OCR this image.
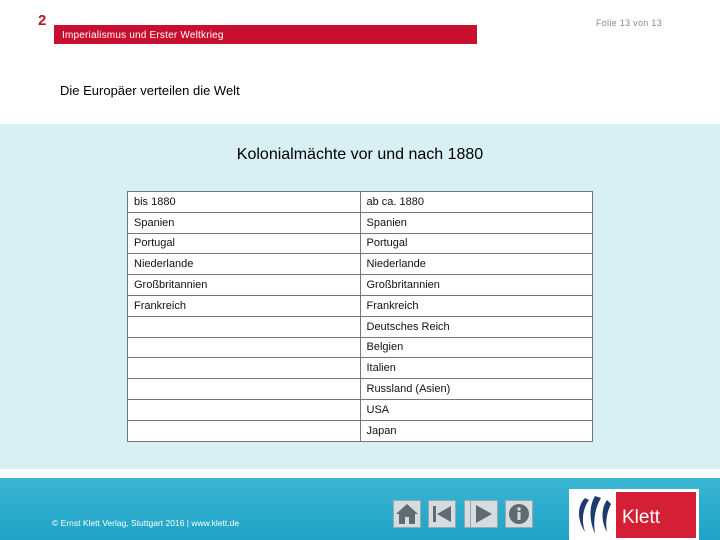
2	Folie 13 von 13
Imperialismus und Erster Weltkrieg
Die Europäer verteilen die Welt
Kolonialmächte vor und nach 1880
bis 1880	ab ca. 1880
Spanien	Spanien
Portugal	Portugal
Niederlande	Niederlande
Großbritannien	Großbritannien
Frankreich	Frankreich
	Deutsches Reich
	Belgien
	Italien
	Russland (Asien)
	USA
	Japan
© Ernst Klett Verlag, Stuttgart 2016 | www.klett.de	Klett
